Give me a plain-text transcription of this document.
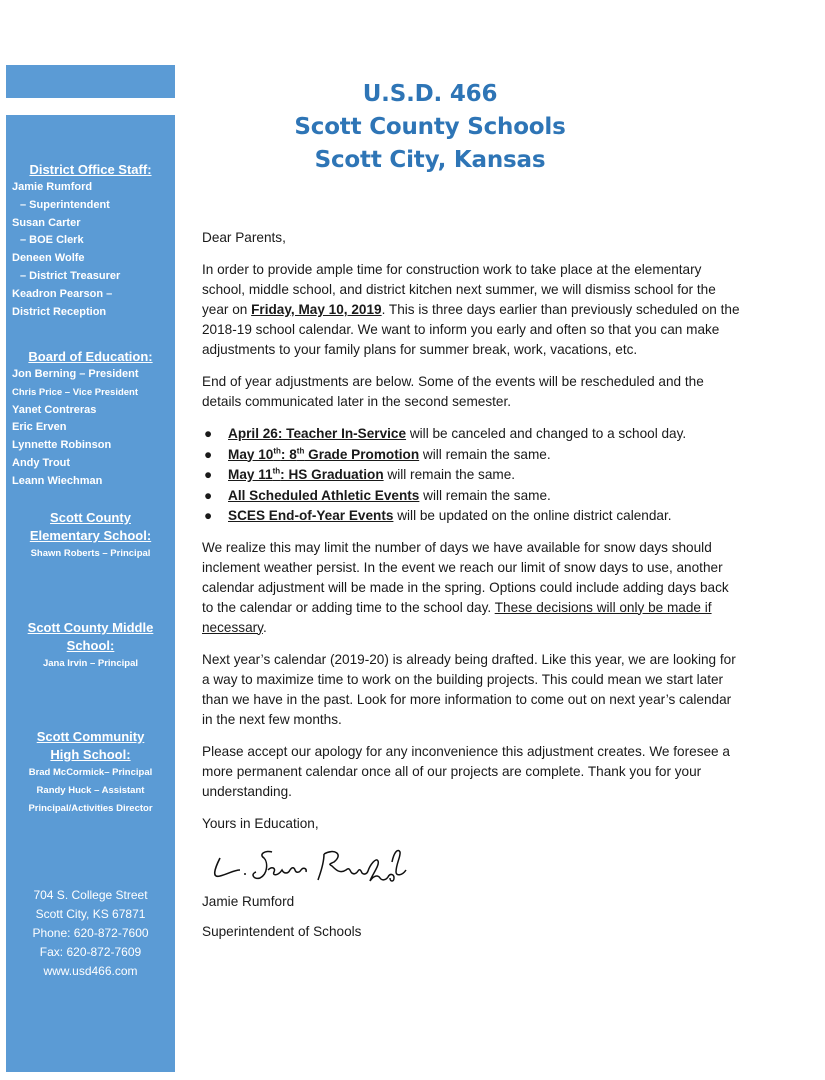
District Office Staff:
Jamie Rumford
– Superintendent
Susan Carter
– BOE Clerk
Deneen Wolfe
– District Treasurer
Keadron Pearson –
District Reception
Board of Education:
Jon Berning – President
Chris Price – Vice President
Yanet Contreras
Eric Erven
Lynnette Robinson
Andy Trout
Leann Wiechman
Scott County
Elementary School:
Shawn Roberts – Principal
Scott County Middle
School:
Jana Irvin – Principal
Scott Community
High School:
Brad McCormick– Principal
Randy Huck – Assistant
Principal/Activities Director
704 S. College Street
Scott City, KS 67871
Phone: 620-872-7600
Fax: 620-872-7609
www.usd466.com
U.S.D. 466
Scott County Schools
Scott City, Kansas

Dear Parents,

In order to provide ample time for construction work to take place at the elementary school, middle school, and district kitchen next summer, we will dismiss school for the year on Friday, May 10, 2019. This is three days earlier than previously scheduled on the 2018-19 school calendar. We want to inform you early and often so that you can make adjustments to your family plans for summer break, work, vacations, etc.

End of year adjustments are below. Some of the events will be rescheduled and the details communicated later in the second semester.

● April 26: Teacher In-Service will be canceled and changed to a school day.
● May 10th: 8th Grade Promotion will remain the same.
● May 11th: HS Graduation will remain the same.
● All Scheduled Athletic Events will remain the same.
● SCES End-of-Year Events will be updated on the online district calendar.

We realize this may limit the number of days we have available for snow days should inclement weather persist. In the event we reach our limit of snow days to use, another calendar adjustment will be made in the spring. Options could include adding days back to the calendar or adding time to the school day. These decisions will only be made if necessary.

Next year’s calendar (2019-20) is already being drafted. Like this year, we are looking for a way to maximize time to work on the building projects. This could mean we start later than we have in the past. Look for more information to come out on next year’s calendar in the next few months.

Please accept our apology for any inconvenience this adjustment creates. We foresee a more permanent calendar once all of our projects are complete. Thank you for your understanding.

Yours in Education,

Jamie Rumford

Superintendent of Schools
